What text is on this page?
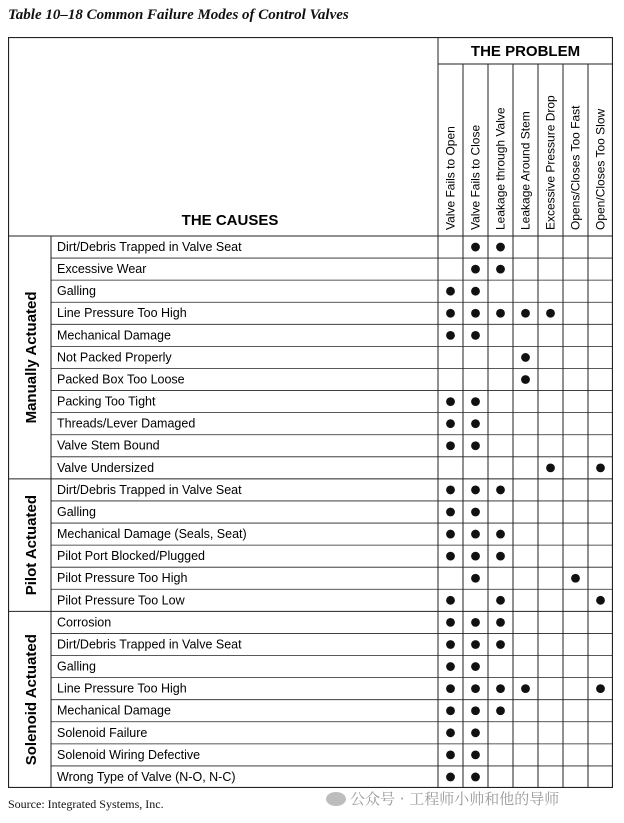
Table 10–18 Common Failure Modes of Control Valves
THE PROBLEM
THE CAUSES	Valve Fails to Open Valve Fails to Close Leakage through Valve Leakage Around Stem Excessive Pressure Drop Opens/Closes Too Fast Open/Closes Too Slow
Dirt/Debris Trapped in Valve Seat
Excessive Wear
Galling
Line Pressure Too High
Mechanical Damage
Not Packed Properly
Packed Box Too Loose
Packing Too Tight
Threads/Lever Damaged
Valve Stem Bound
Valve Undersized
Manually Actuated
Dirt/Debris Trapped in Valve Seat
Galling
Mechanical Damage (Seals, Seat)
Pilot Port Blocked/Plugged
Pilot Pressure Too High
Pilot Pressure Too Low
Pilot Actuated
Corrosion
Dirt/Debris Trapped in Valve Seat
Galling
Line Pressure Too High
Mechanical Damage
Solenoid Failure
Solenoid Wiring Defective
Wrong Type of Valve (N-O, N-C)
Solenoid Actuated
Source: Integrated Systems, Inc.	公众号 · 工程师小帅和他的导师
